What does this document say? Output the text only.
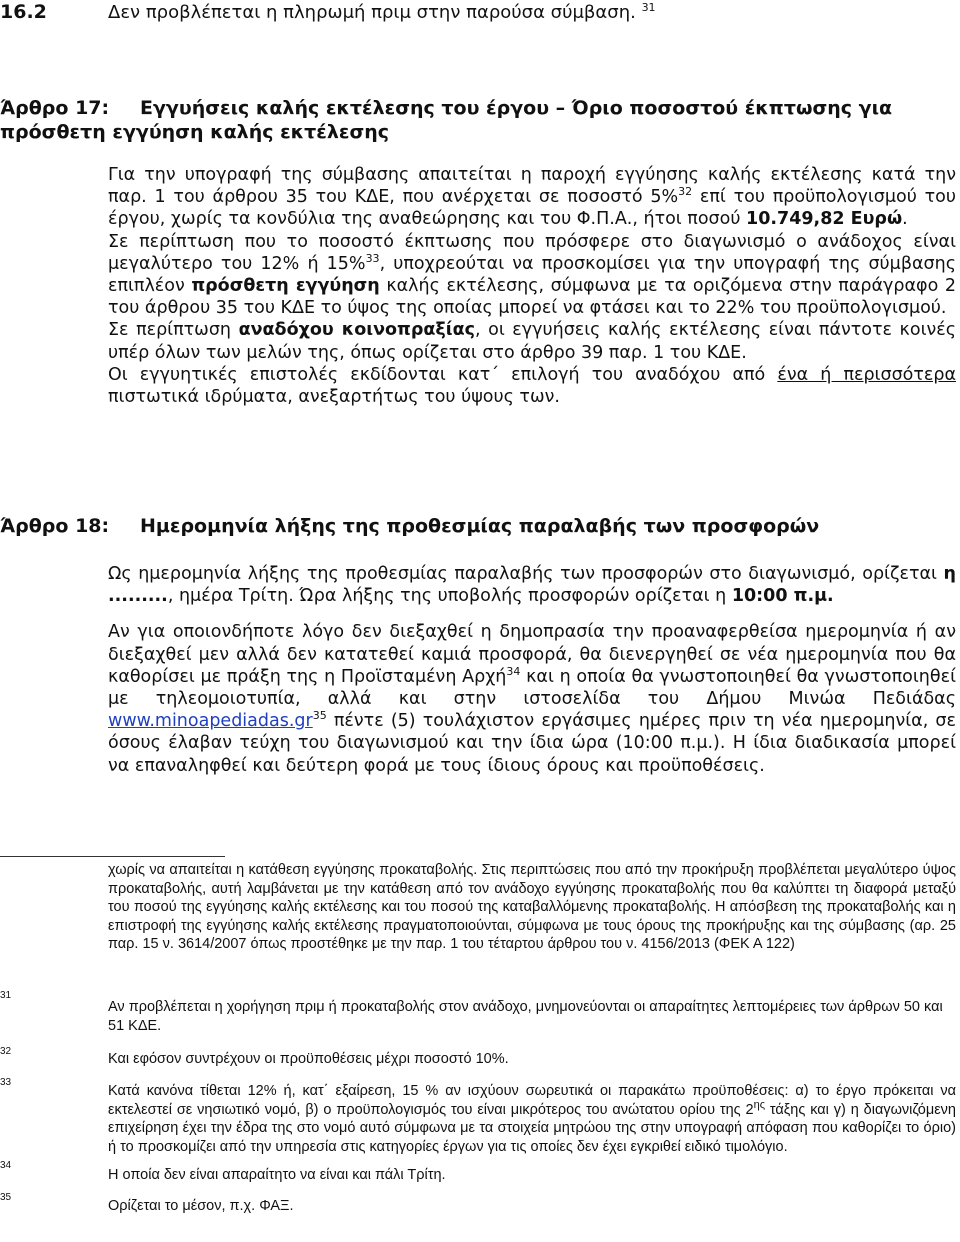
16.2	Δεν προβλέπεται η πληρωμή πριμ στην παρούσα σύμβαση. $^{31}$
Άρθρο 17: Εγγυήσεις καλής εκτέλεσης του έργου – Όριο ποσοστού έκπτωσης για
πρόσθετη εγγύηση καλής εκτέλεσης

Για την υπογραφή της σύμβασης απαιτείται η παροχή εγγύησης καλής εκτέλεσης κατά την παρ. 1 του άρθρου 35 του ΚΔΕ, που ανέρχεται σε ποσοστό 5%$^{32}$ επί του προϋπολογισμού του έργου, χωρίς τα κονδύλια της αναθεώρησης και του Φ.Π.Α., ήτοι ποσού 10.749,82 Ευρώ.

Σε περίπτωση που το ποσοστό έκπτωσης που πρόσφερε στο διαγωνισμό ο ανάδοχος είναι μεγαλύτερο του 12% ή 15%$^{33}$, υποχρεούται να προσκομίσει για την υπογραφή της σύμβασης επιπλέον πρόσθετη εγγύηση καλής εκτέλεσης, σύμφωνα με τα οριζόμενα στην παράγραφο 2 του άρθρου 35 του ΚΔΕ το ύψος της οποίας μπορεί να φτάσει και το 22% του προϋπολογισμού.

Σε περίπτωση αναδόχου κοινοπραξίας, οι εγγυήσεις καλής εκτέλεσης είναι πάντοτε κοινές υπέρ όλων των μελών της, όπως ορίζεται στο άρθρο 39 παρ. 1 του ΚΔΕ.

Οι εγγυητικές επιστολές εκδίδονται κατ΄ επιλογή του αναδόχου από ένα ή περισσότερα πιστωτικά ιδρύματα, ανεξαρτήτως του ύψους των.

Άρθρο 18: Ημερομηνία λήξης της προθεσμίας παραλαβής των προσφορών

Ως ημερομηνία λήξης της προθεσμίας παραλαβής των προσφορών στο διαγωνισμό, ορίζεται η ........., ημέρα Τρίτη. Ώρα λήξης της υποβολής προσφορών ορίζεται η 10:00 π.μ.

Αν για οποιονδήποτε λόγο δεν διεξαχθεί η δημοπρασία την προαναφερθείσα ημερομηνία ή αν διεξαχθεί μεν αλλά δεν κατατεθεί καμιά προσφορά, θα διενεργηθεί σε νέα ημερομηνία που θα καθορίσει με πράξη της η Προϊσταμένη Αρχή$^{34}$ και η οποία θα γνωστοποιηθεί θα γνωστοποιηθεί με τηλεομοιοτυπία, αλλά και στην ιστοσελίδα του Δήμου Μινώα Πεδιάδας $www.minoapediadas.gr^{35}$ πέντε (5) τουλάχιστον εργάσιμες ημέρες πριν τη νέα ημερομηνία, σε όσους έλαβαν τεύχη του διαγωνισμού και την ίδια ώρα (10:00 π.μ.). Η ίδια διαδικασία μπορεί να επαναληφθεί και δεύτερη φορά με τους ίδιους όρους και προϋποθέσεις.

χωρίς να απαιτείται η κατάθεση εγγύησης προκαταβολής. Στις περιπτώσεις που από την προκήρυξη προβλέπεται μεγαλύτερο ύψος προκαταβολής, αυτή λαμβάνεται με την κατάθεση από τον ανάδοχο εγγύησης προκαταβολής που θα καλύπτει τη διαφορά μεταξύ του ποσού της εγγύησης καλής εκτέλεσης και του ποσού της καταβαλλόμενης προκαταβολής. Η απόσβεση της προκαταβολής και η επιστροφή της εγγύησης καλής εκτέλεσης πραγματοποιούνται, σύμφωνα με τους όρους της προκήρυξης και της σύμβασης (αρ. 25 παρ. 15 ν. 3614/2007 όπως προστέθηκε με την παρ. 1 του τέταρτου άρθρου του ν. 4156/2013 (ΦΕΚ Α 122)
31
Αν προβλέπεται η χορήγηση πριμ ή προκαταβολής στον ανάδοχο, μνημονεύονται οι απαραίτητες λεπτομέρειες των άρθρων 50 και 51 ΚΔΕ.
32	Και εφόσον συντρέχουν οι προϋποθέσεις μέχρι ποσοστό 10%.
33
Κατά κανόνα τίθεται 12% ή, κατ΄ εξαίρεση, 15 % αν ισχύουν σωρευτικά οι παρακάτω προϋποθέσεις: α) το έργο πρόκειται να εκτελεστεί σε νησιωτικό νομό, β) ο προϋπολογισμός του είναι μικρότερος του ανώτατου ορίου της $2^{\eta\varsigma}$ τάξης και γ) η διαγωνιζόμενη επιχείρηση έχει την έδρα της στο νομό αυτό σύμφωνα με τα στοιχεία μητρώου της στην υπογραφή απόφαση που καθορίζει το όριο) ή το προσκομίζει από την υπηρεσία στις κατηγορίες έργων για τις οποίες δεν έχει εγκριθεί ειδικό τιμολόγιο.
34
Η οποία δεν είναι απαραίτητο να είναι και πάλι Τρίτη.
35
Ορίζεται το μέσον, π.χ. ΦΑΞ.
